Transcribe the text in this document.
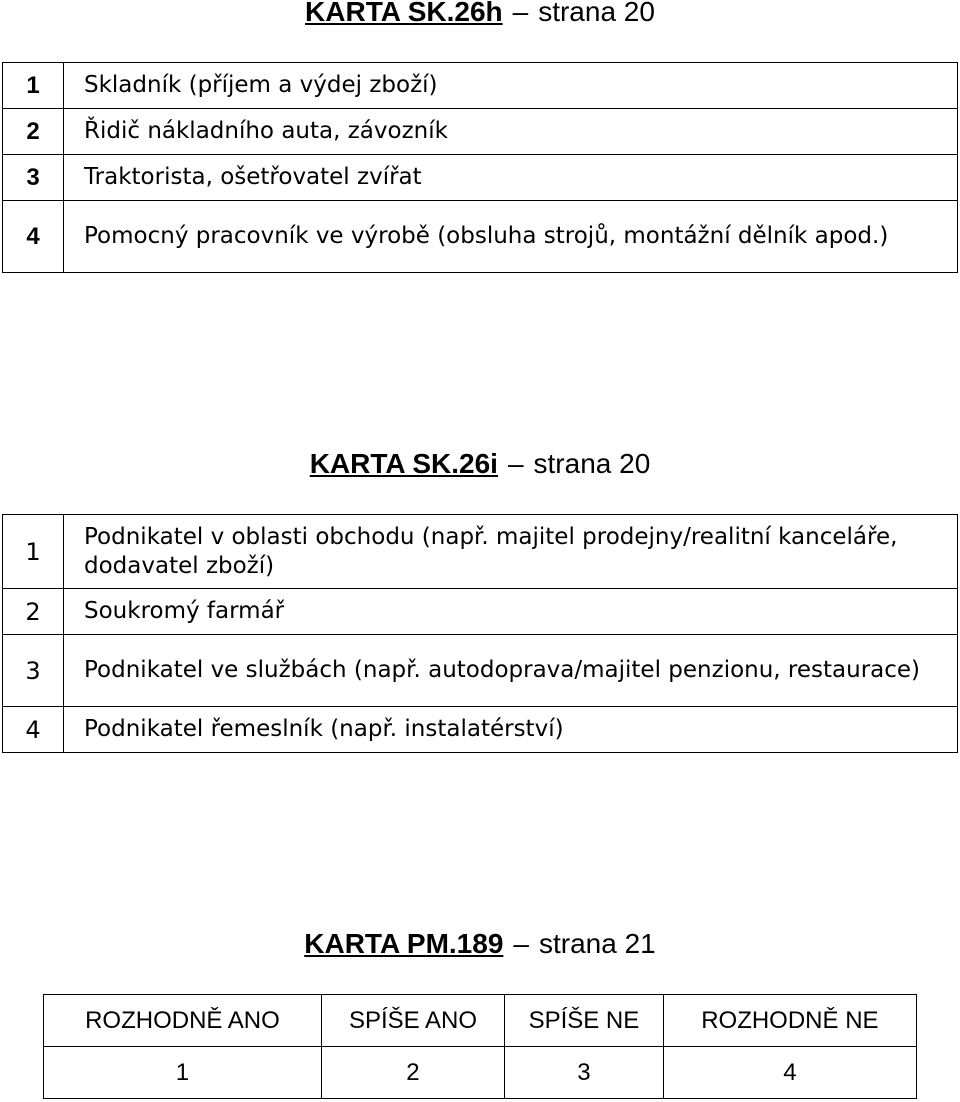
KARTA SK.26h – strana 20
1	Skladník (příjem a výdej zboží)
2	Řidič nákladního auta, závozník
3	Traktorista, ošetřovatel zvířat
4	Pomocný pracovník ve výrobě (obsluha strojů, montážní dělník apod.)
KARTA SK.26i – strana 20
1	Podnikatel v oblasti obchodu (např. majitel prodejny/realitní kanceláře, dodavatel zboží)
2	Soukromý farmář
3	Podnikatel ve službách (např. autodoprava/majitel penzionu, restaurace)
4	Podnikatel řemeslník (např. instalatérství)
KARTA PM.189 – strana 21
ROZHODNĚ ANO	SPÍŠE ANO	SPÍŠE NE	ROZHODNĚ NE
1	2	3	4
